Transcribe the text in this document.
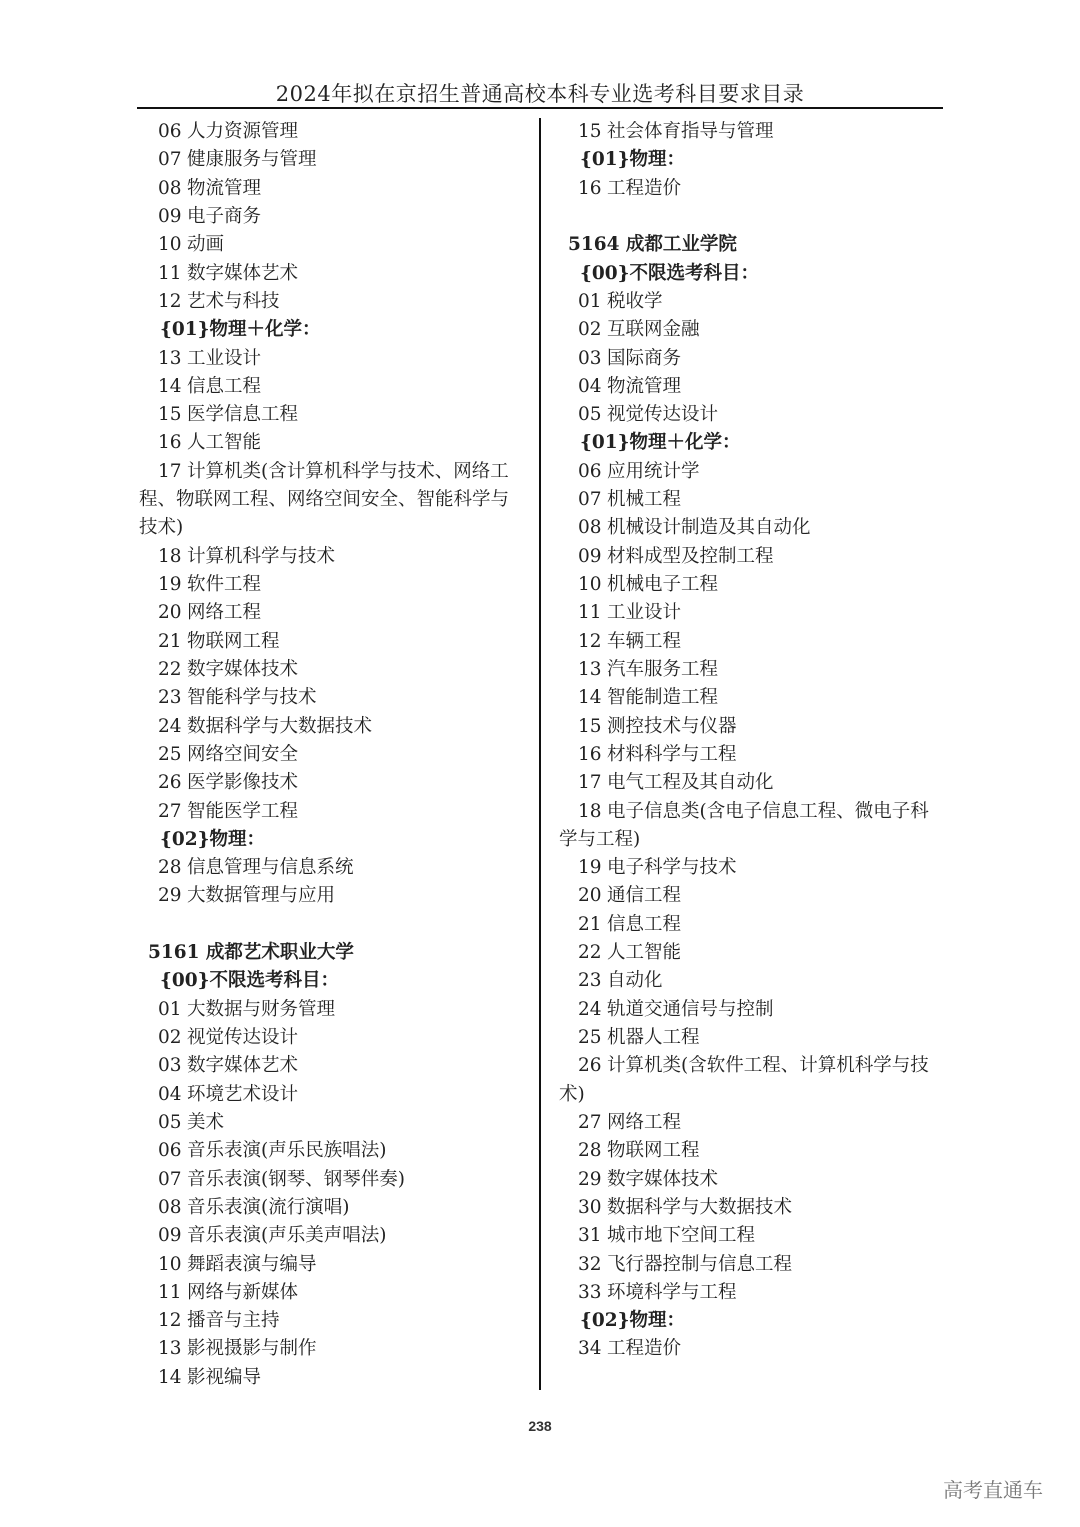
2024年拟在京招生普通高校本科专业选考科目要求目录
06 人力资源管理
07 健康服务与管理
08 物流管理
09 电子商务
10 动画
11 数字媒体艺术
12 艺术与科技
{01}物理＋化学：
13 工业设计
14 信息工程
15 医学信息工程
16 人工智能
17 计算机类(含计算机科学与技术、网络工
程、物联网工程、网络空间安全、智能科学与
技术)
18 计算机科学与技术
19 软件工程
20 网络工程
21 物联网工程
22 数字媒体技术
23 智能科学与技术
24 数据科学与大数据技术
25 网络空间安全
26 医学影像技术
27 智能医学工程
{02}物理：
28 信息管理与信息系统
29 大数据管理与应用
5161 成都艺术职业大学
{00}不限选考科目：
01 大数据与财务管理
02 视觉传达设计
03 数字媒体艺术
04 环境艺术设计
05 美术
06 音乐表演(声乐民族唱法)
07 音乐表演(钢琴、钢琴伴奏)
08 音乐表演(流行演唱)
09 音乐表演(声乐美声唱法)
10 舞蹈表演与编导
11 网络与新媒体
12 播音与主持
13 影视摄影与制作
14 影视编导
15 社会体育指导与管理
{01}物理：
16 工程造价
5164 成都工业学院
{00}不限选考科目：
01 税收学
02 互联网金融
03 国际商务
04 物流管理
05 视觉传达设计
{01}物理＋化学：
06 应用统计学
07 机械工程
08 机械设计制造及其自动化
09 材料成型及控制工程
10 机械电子工程
11 工业设计
12 车辆工程
13 汽车服务工程
14 智能制造工程
15 测控技术与仪器
16 材料科学与工程
17 电气工程及其自动化
18 电子信息类(含电子信息工程、微电子科
学与工程)
19 电子科学与技术
20 通信工程
21 信息工程
22 人工智能
23 自动化
24 轨道交通信号与控制
25 机器人工程
26 计算机类(含软件工程、计算机科学与技
术)
27 网络工程
28 物联网工程
29 数字媒体技术
30 数据科学与大数据技术
31 城市地下空间工程
32 飞行器控制与信息工程
33 环境科学与工程
{02}物理：
34 工程造价
238
高考直通车
